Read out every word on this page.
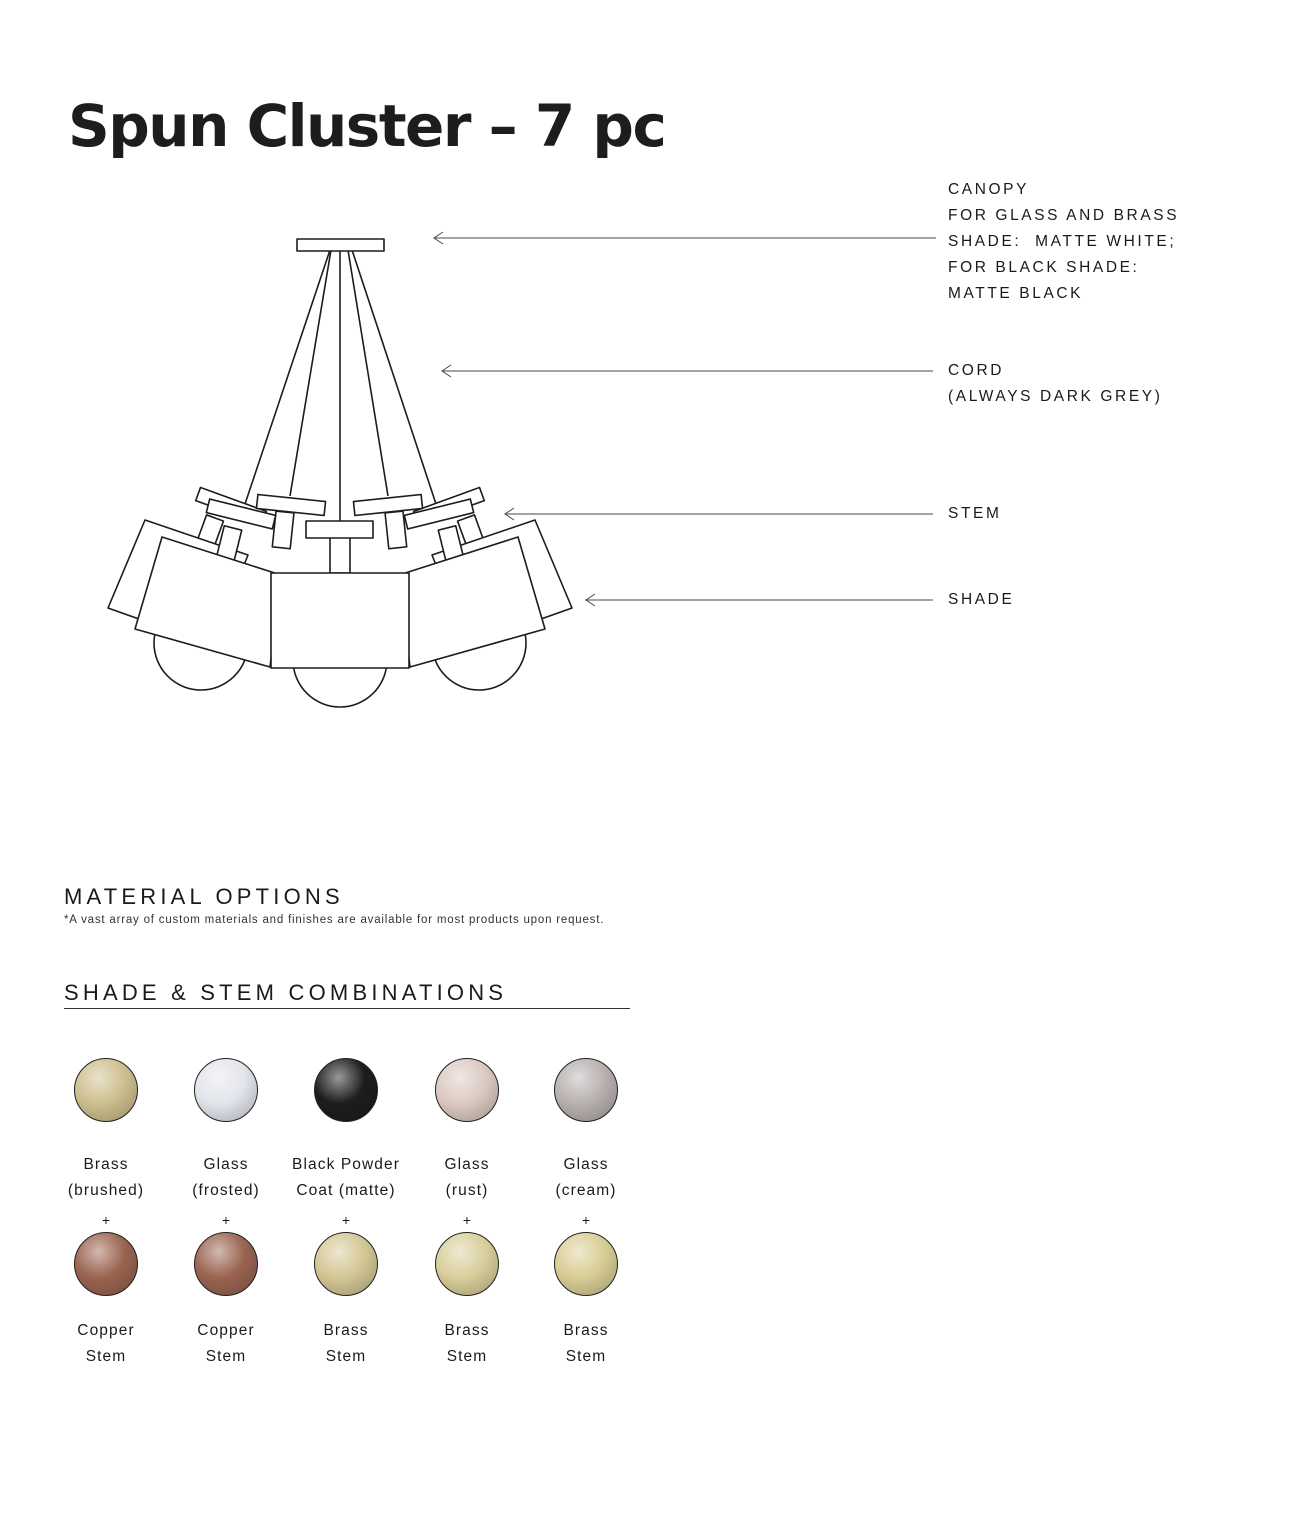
Spun Cluster – 7 pc
CANOPY
FOR GLASS AND BRASS
SHADE:  MATTE WHITE;
FOR BLACK SHADE:
MATTE BLACK
CORD
(ALWAYS DARK GREY)
STEM
SHADE
MATERIAL OPTIONS
*A vast array of custom materials and finishes are available for most products upon request.
SHADE & STEM COMBINATIONS
Brass
(brushed)
+
Copper
Stem
Glass
(frosted)
+
Copper
Stem
Black Powder
Coat (matte)
+
Brass
Stem
Glass
(rust)
+
Brass
Stem
Glass
(cream)
+
Brass
Stem
